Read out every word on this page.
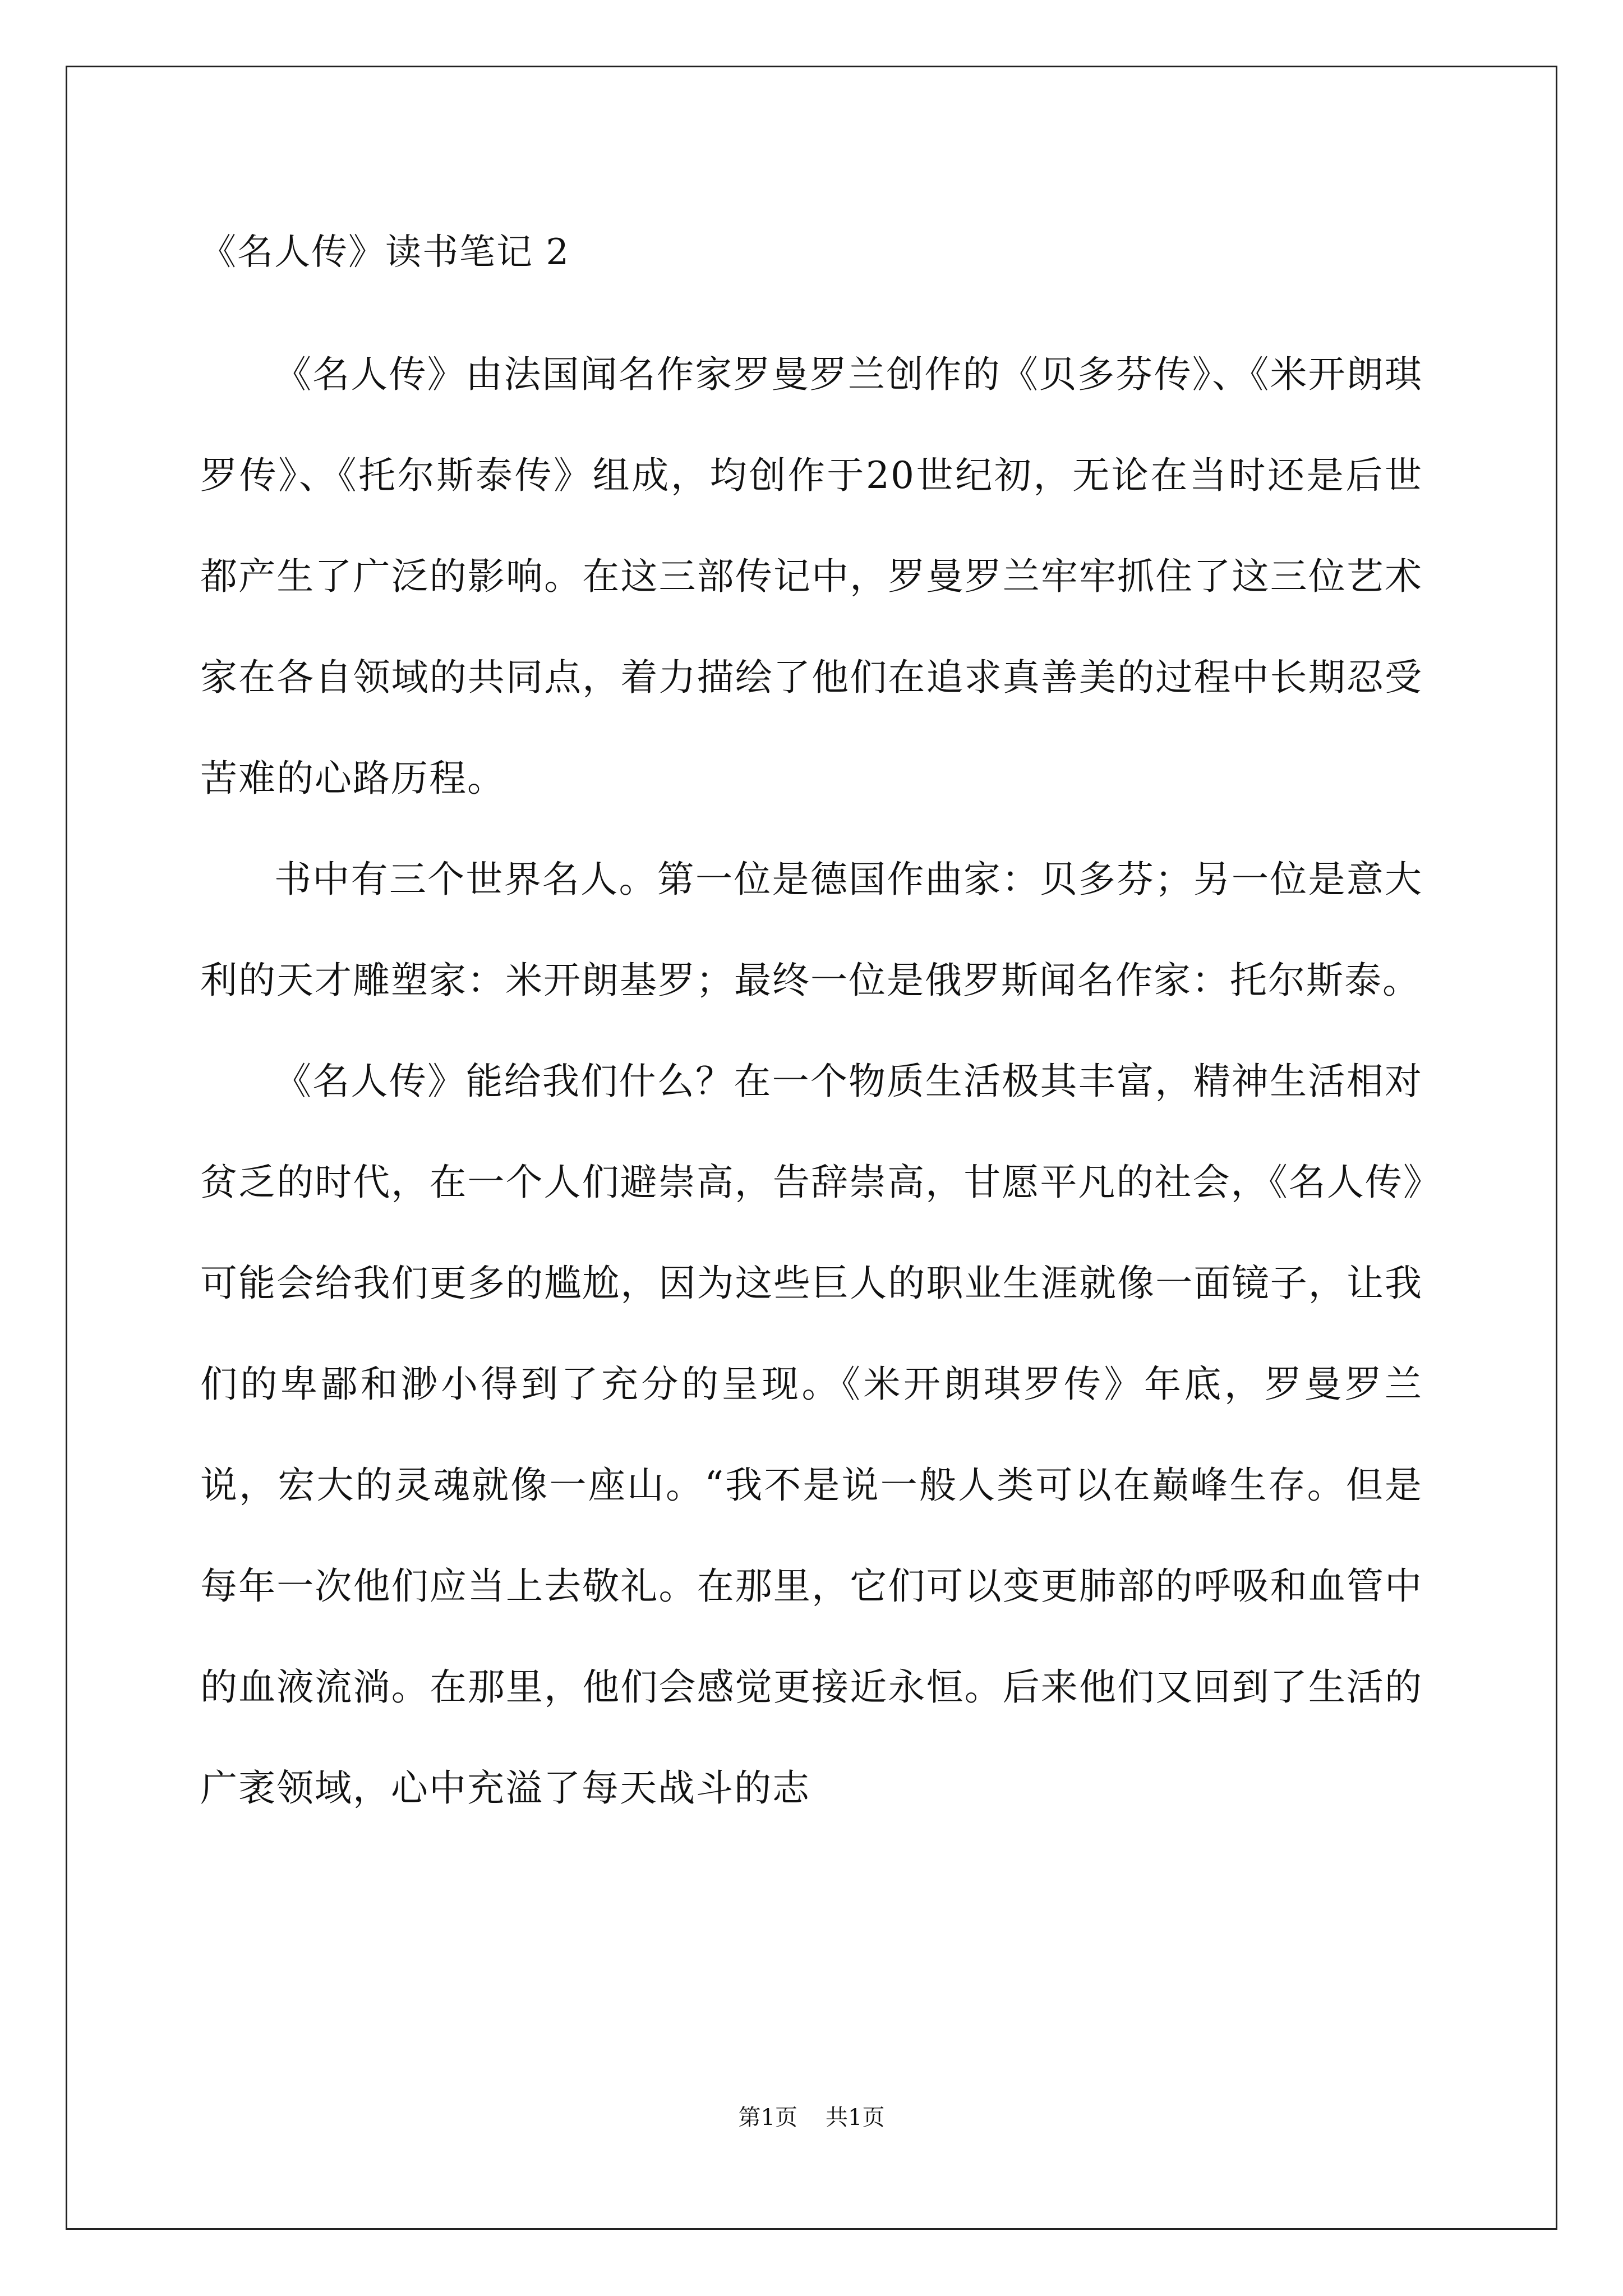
《名人传》读书笔记 2

《名人传》由法国闻名作家罗曼罗兰创作的《贝多芬传》、《米开朗琪罗传》、《托尔斯泰传》组成，均创作于20世纪初，无论在当时还是后世都产生了广泛的影响。在这三部传记中，罗曼罗兰牢牢抓住了这三位艺术家在各自领域的共同点，着力描绘了他们在追求真善美的过程中长期忍受苦难的心路历程。

书中有三个世界名人。第一位是德国作曲家：贝多芬；另一位是意大利的天才雕塑家：米开朗基罗；最终一位是俄罗斯闻名作家：托尔斯泰。

《名人传》能给我们什么？在一个物质生活极其丰富，精神生活相对贫乏的时代，在一个人们避崇高，告辞崇高，甘愿平凡的社会，《名人传》可能会给我们更多的尴尬，因为这些巨人的职业生涯就像一面镜子，让我们的卑鄙和渺小得到了充分的呈现。《米开朗琪罗传》年底，罗曼罗兰说，宏大的灵魂就像一座山。“我不是说一般人类可以在巅峰生存。但是每年一次他们应当上去敬礼。在那里，它们可以变更肺部的呼吸和血管中的血液流淌。在那里，他们会感觉更接近永恒。后来他们又回到了生活的广袤领域，心中充溢了每天战斗的志

第1页 共1页
